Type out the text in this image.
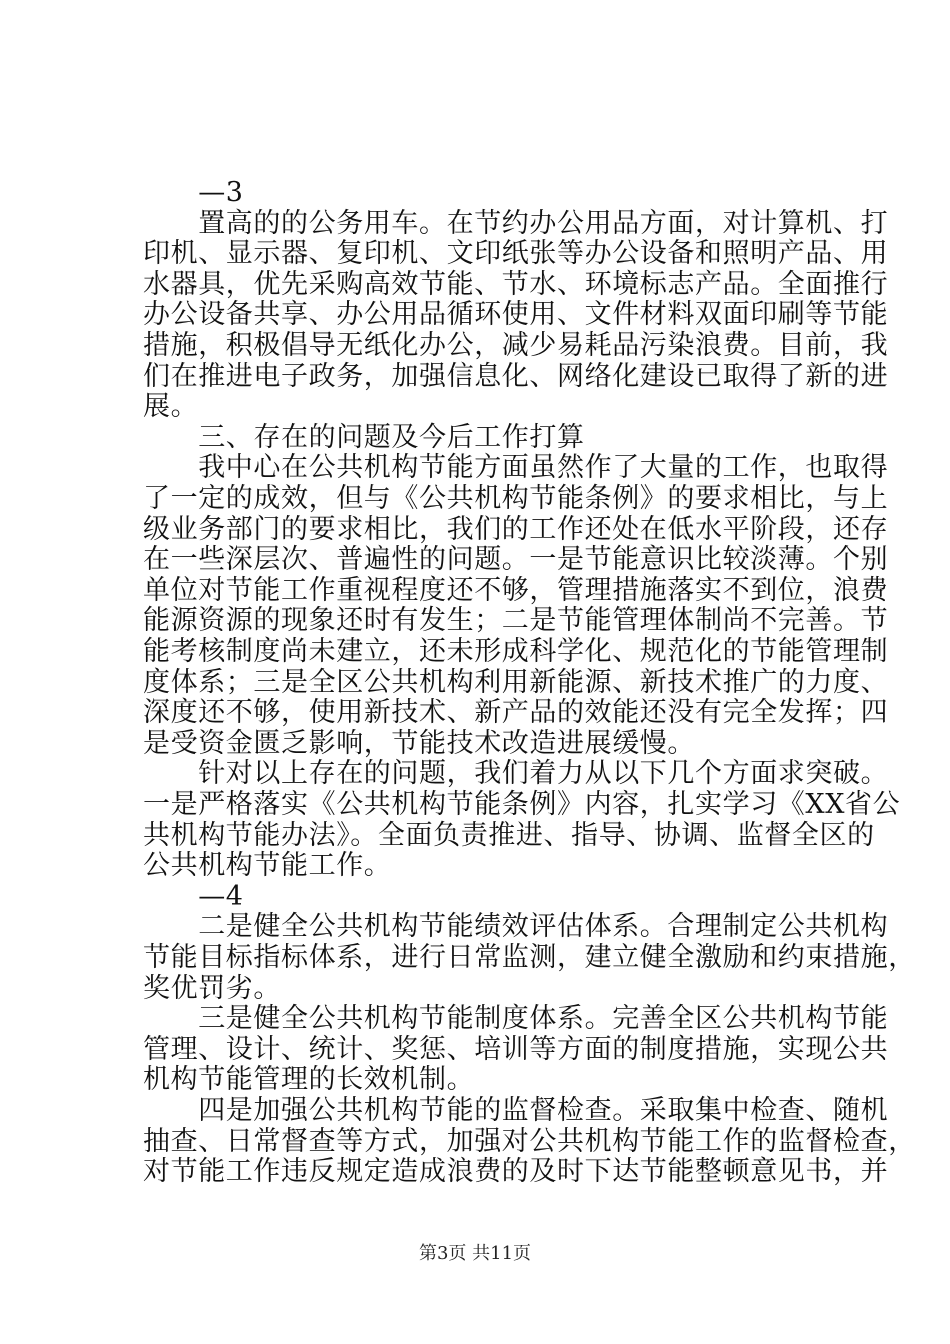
　　—3
　　置高的的公务用车。在节约办公用品方面，对计算机、打
印机、显示器、复印机、文印纸张等办公设备和照明产品、用
水器具，优先采购高效节能、节水、环境标志产品。全面推行
办公设备共享、办公用品循环使用、文件材料双面印刷等节能
措施，积极倡导无纸化办公，减少易耗品污染浪费。目前，我
们在推进电子政务，加强信息化、网络化建设已取得了新的进
展。
　　三、存在的问题及今后工作打算
　　我中心在公共机构节能方面虽然作了大量的工作，也取得
了一定的成效，但与《公共机构节能条例》的要求相比，与上
级业务部门的要求相比，我们的工作还处在低水平阶段，还存
在一些深层次、普遍性的问题。一是节能意识比较淡薄。个别
单位对节能工作重视程度还不够，管理措施落实不到位，浪费
能源资源的现象还时有发生；二是节能管理体制尚不完善。节
能考核制度尚未建立，还未形成科学化、规范化的节能管理制
度体系；三是全区公共机构利用新能源、新技术推广的力度、
深度还不够，使用新技术、新产品的效能还没有完全发挥；四
是受资金匮乏影响，节能技术改造进展缓慢。
　　针对以上存在的问题，我们着力从以下几个方面求突破。
一是严格落实《公共机构节能条例》内容，扎实学习《XX省公
共机构节能办法》。全面负责推进、指导、协调、监督全区的
公共机构节能工作。
　　—4
　　二是健全公共机构节能绩效评估体系。合理制定公共机构
节能目标指标体系，进行日常监测，建立健全激励和约束措施，
奖优罚劣。
　　三是健全公共机构节能制度体系。完善全区公共机构节能
管理、设计、统计、奖惩、培训等方面的制度措施，实现公共
机构节能管理的长效机制。
　　四是加强公共机构节能的监督检查。采取集中检查、随机
抽查、日常督查等方式，加强对公共机构节能工作的监督检查，
对节能工作违反规定造成浪费的及时下达节能整顿意见书，并
第3页 共11页
